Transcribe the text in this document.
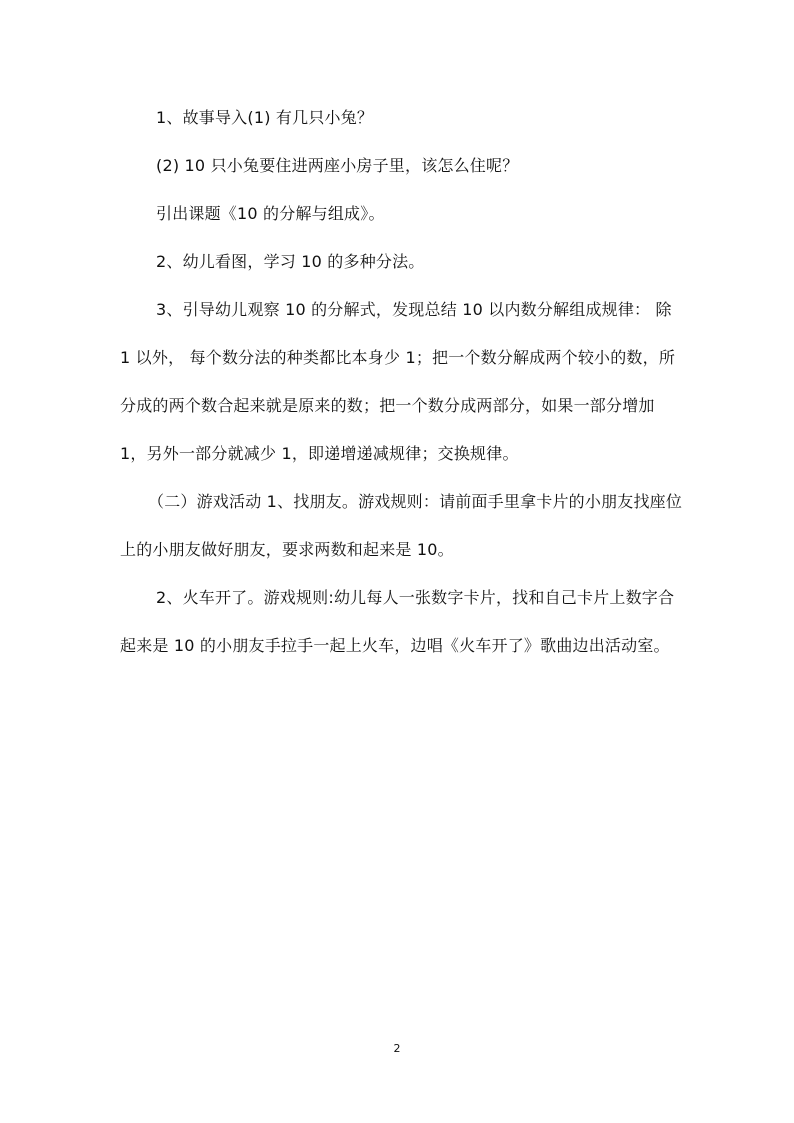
1、故事导入(1) 有几只小兔？

(2) 10 只小兔要住进两座小房子里，该怎么住呢？

引出课题《10 的分解与组成》。

2、幼儿看图，学习 10 的多种分法。

3、引导幼儿观察 10 的分解式，发现总结 10 以内数分解组成规律： 除 1 以外， 每个数分法的种类都比本身少 1；把一个数分解成两个较小的数，所分成的两个数合起来就是原来的数；把一个数分成两部分，如果一部分增加 1，另外一部分就减少 1，即递增递减规律；交换规律。

（二）游戏活动 1、找朋友。游戏规则：请前面手里拿卡片的小朋友找座位上的小朋友做好朋友，要求两数和起来是 10。

2、火车开了。游戏规则:幼儿每人一张数字卡片，找和自己卡片上数字合起来是 10 的小朋友手拉手一起上火车，边唱《火车开了》歌曲边出活动室。

2
